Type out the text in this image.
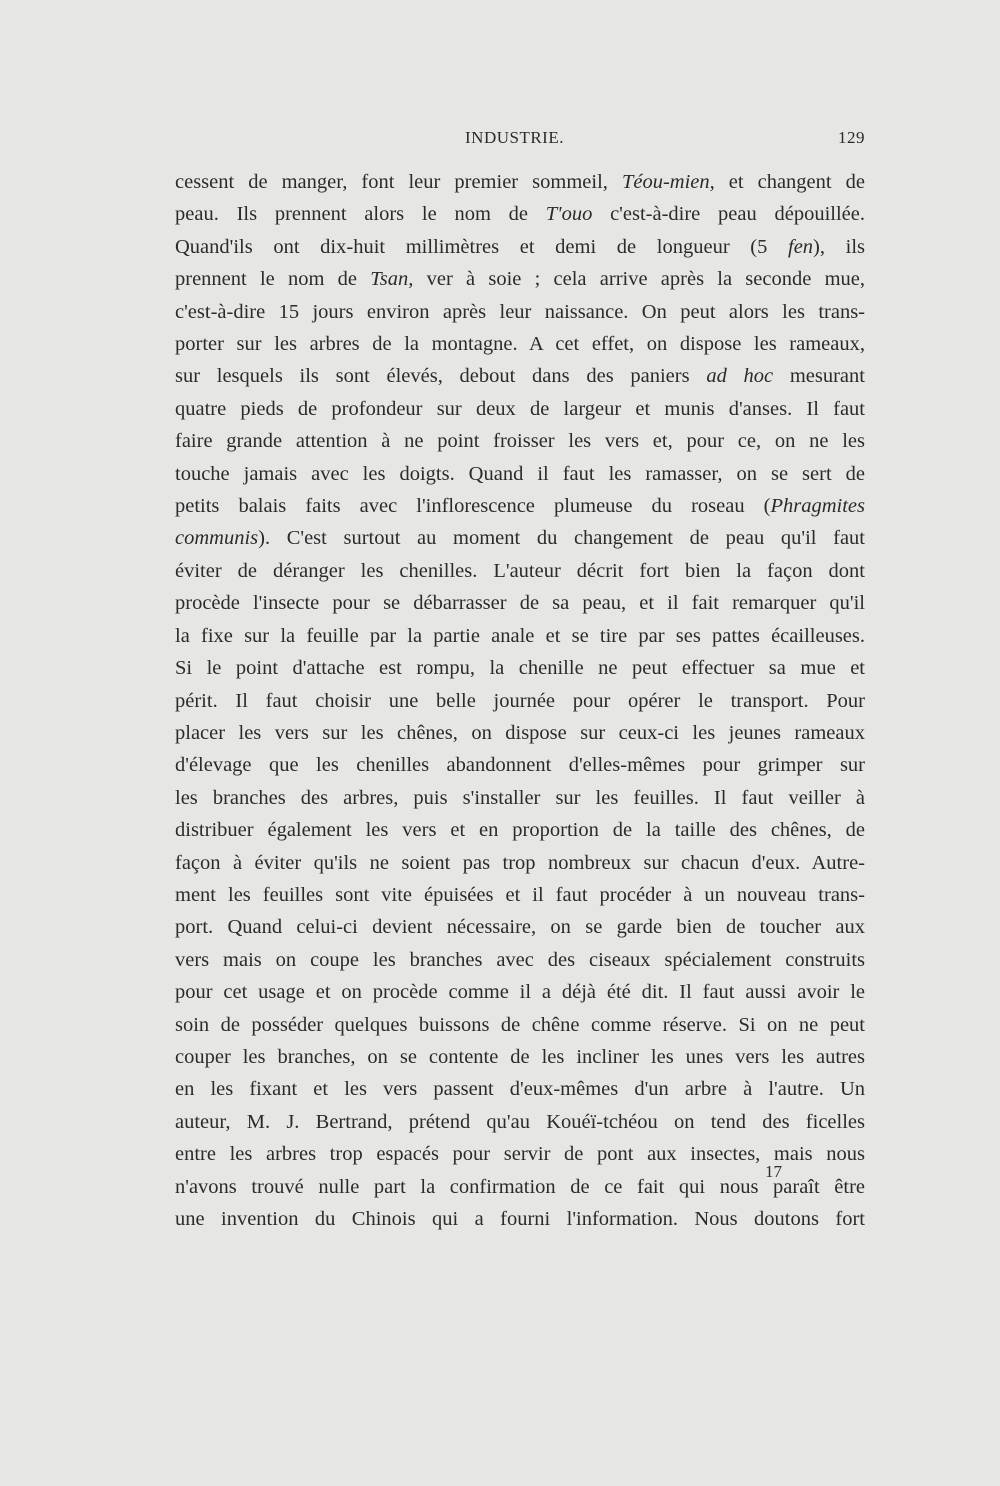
INDUSTRIE.	129
cessent de manger, font leur premier sommeil, Téou-mien, et changent de
peau. Ils prennent alors le nom de T'ouo c'est-à-dire peau dépouillée.
Quand'ils ont dix-huit millimètres et demi de longueur (5 fen), ils
prennent le nom de Tsan, ver à soie ; cela arrive après la seconde mue,
c'est-à-dire 15 jours environ après leur naissance. On peut alors les trans-
porter sur les arbres de la montagne. A cet effet, on dispose les rameaux,
sur lesquels ils sont élevés, debout dans des paniers ad hoc mesurant
quatre pieds de profondeur sur deux de largeur et munis d'anses. Il faut
faire grande attention à ne point froisser les vers et, pour ce, on ne les
touche jamais avec les doigts. Quand il faut les ramasser, on se sert de
petits balais faits avec l'inflorescence plumeuse du roseau (Phragmites
communis). C'est surtout au moment du changement de peau qu'il faut
éviter de déranger les chenilles. L'auteur décrit fort bien la façon dont
procède l'insecte pour se débarrasser de sa peau, et il fait remarquer qu'il
la fixe sur la feuille par la partie anale et se tire par ses pattes écailleuses.
Si le point d'attache est rompu, la chenille ne peut effectuer sa mue et
périt. Il faut choisir une belle journée pour opérer le transport. Pour
placer les vers sur les chênes, on dispose sur ceux-ci les jeunes rameaux
d'élevage que les chenilles abandonnent d'elles-mêmes pour grimper sur
les branches des arbres, puis s'installer sur les feuilles. Il faut veiller à
distribuer également les vers et en proportion de la taille des chênes, de
façon à éviter qu'ils ne soient pas trop nombreux sur chacun d'eux. Autre-
ment les feuilles sont vite épuisées et il faut procéder à un nouveau trans-
port. Quand celui-ci devient nécessaire, on se garde bien de toucher aux
vers mais on coupe les branches avec des ciseaux spécialement construits
pour cet usage et on procède comme il a déjà été dit. Il faut aussi avoir le
soin de posséder quelques buissons de chêne comme réserve. Si on ne peut
couper les branches, on se contente de les incliner les unes vers les autres
en les fixant et les vers passent d'eux-mêmes d'un arbre à l'autre. Un
auteur, M. J. Bertrand, prétend qu'au Kouéï-tchéou on tend des ficelles
entre les arbres trop espacés pour servir de pont aux insectes, mais nous
n'avons trouvé nulle part la confirmation de ce fait qui nous paraît être
une invention du Chinois qui a fourni l'information. Nous doutons fort
17
